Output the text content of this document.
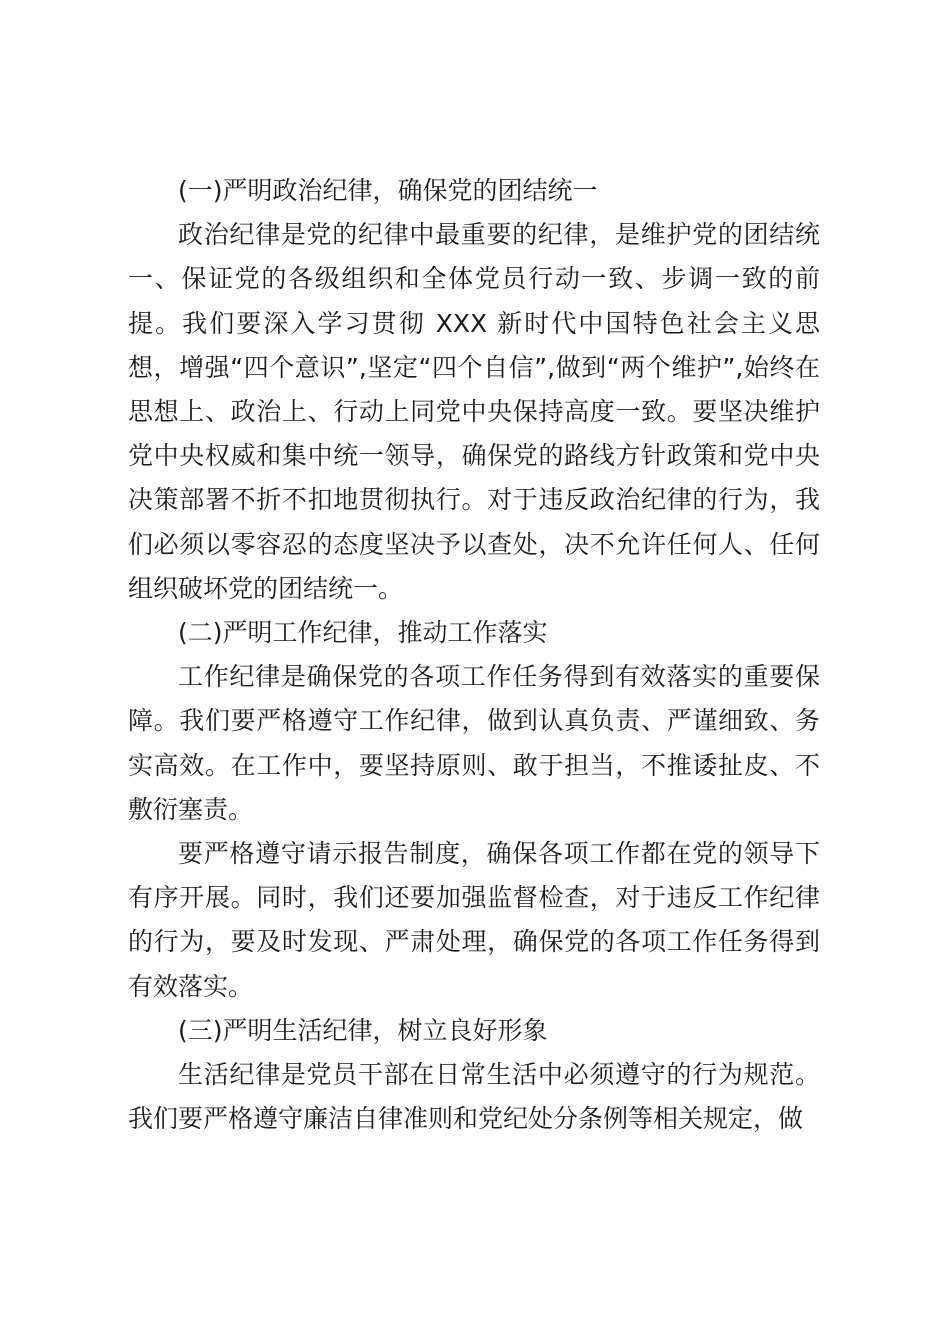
(一)严明政治纪律，确保党的团结统一

政治纪律是党的纪律中最重要的纪律，是维护党的团结统一、保证党的各级组织和全体党员行动一致、步调一致的前提。我们要深入学习贯彻 XXX 新时代中国特色社会主义思想，增强“四个意识”,坚定“四个自信”,做到“两个维护”,始终在思想上、政治上、行动上同党中央保持高度一致。要坚决维护党中央权威和集中统一领导，确保党的路线方针政策和党中央决策部署不折不扣地贯彻执行。对于违反政治纪律的行为，我们必须以零容忍的态度坚决予以查处，决不允许任何人、任何组织破坏党的团结统一。

(二)严明工作纪律，推动工作落实

工作纪律是确保党的各项工作任务得到有效落实的重要保障。我们要严格遵守工作纪律，做到认真负责、严谨细致、务实高效。在工作中，要坚持原则、敢于担当，不推诿扯皮、不敷衍塞责。

要严格遵守请示报告制度，确保各项工作都在党的领导下有序开展。同时，我们还要加强监督检查，对于违反工作纪律的行为，要及时发现、严肃处理，确保党的各项工作任务得到有效落实。

(三)严明生活纪律，树立良好形象

生活纪律是党员干部在日常生活中必须遵守的行为规范。我们要严格遵守廉洁自律准则和党纪处分条例等相关规定，做
